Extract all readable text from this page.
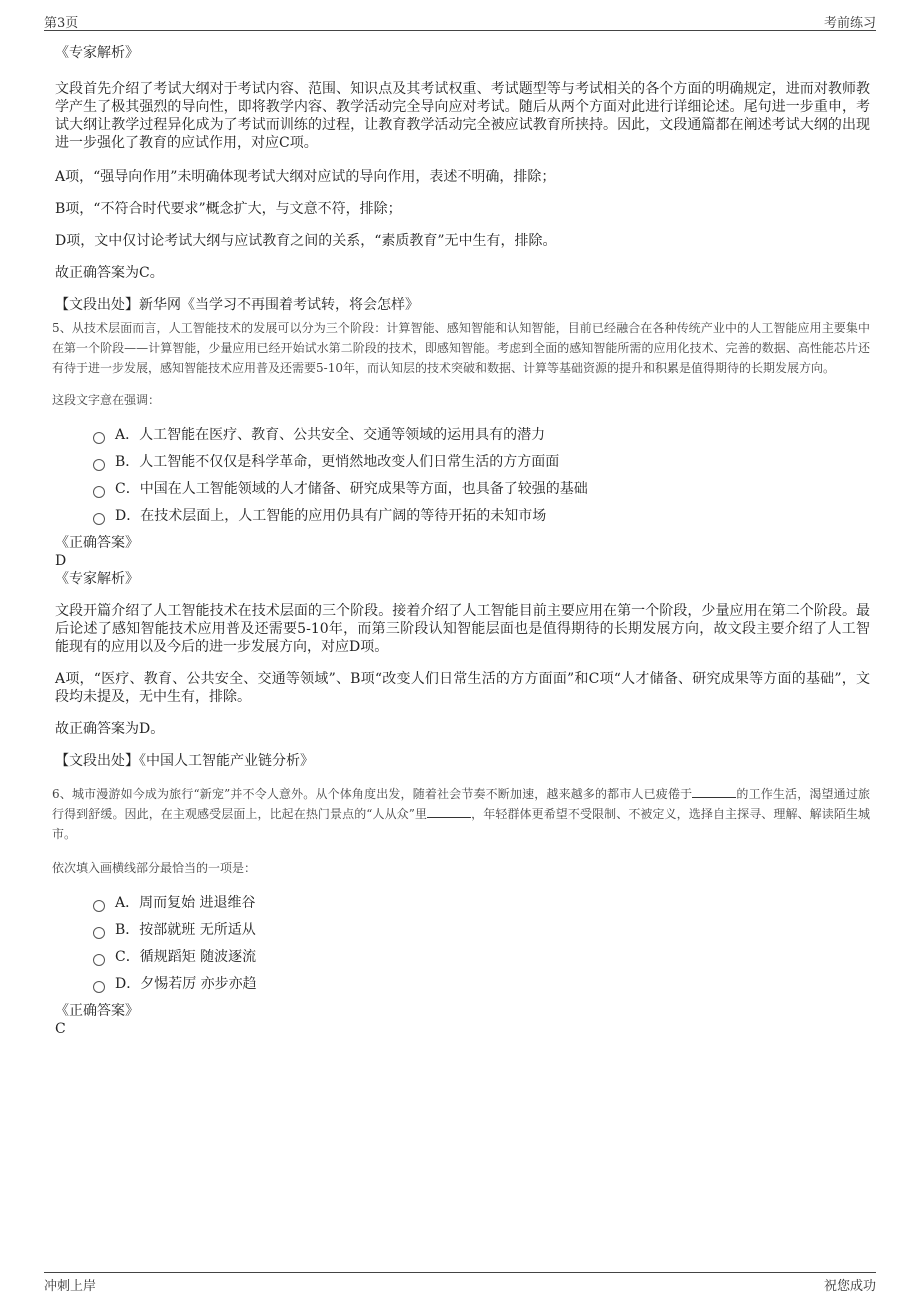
第3页	考前练习

《专家解析》

文段首先介绍了考试大纲对于考试内容、范围、知识点及其考试权重、考试题型等与考试相关的各个方面的明确规定，进而对教师教学产生了极其强烈的导向性，即将教学内容、教学活动完全导向应对考试。随后从两个方面对此进行详细论述。尾句进一步重申，考试大纲让教学过程异化成为了考试而训练的过程，让教育教学活动完全被应试教育所挟持。因此，文段通篇都在阐述考试大纲的出现进一步强化了教育的应试作用，对应C项。

A项，“强导向作用”未明确体现考试大纲对应试的导向作用，表述不明确，排除；

B项，“不符合时代要求”概念扩大，与文意不符，排除；

D项，文中仅讨论考试大纲与应试教育之间的关系，“素质教育”无中生有，排除。

故正确答案为C。

【文段出处】新华网《当学习不再围着考试转，将会怎样》

5、从技术层面而言，人工智能技术的发展可以分为三个阶段：计算智能、感知智能和认知智能，目前已经融合在各种传统产业中的人工智能应用主要集中在第一个阶段——计算智能，少量应用已经开始试水第二阶段的技术，即感知智能。考虑到全面的感知智能所需的应用化技术、完善的数据、高性能芯片还有待于进一步发展，感知智能技术应用普及还需要5-10年，而认知层的技术突破和数据、计算等基础资源的提升和积累是值得期待的长期发展方向。

这段文字意在强调：

A．人工智能在医疗、教育、公共安全、交通等领域的运用具有的潜力
B．人工智能不仅仅是科学革命，更悄然地改变人们日常生活的方方面面
C．中国在人工智能领域的人才储备、研究成果等方面，也具备了较强的基础
D．在技术层面上，人工智能的应用仍具有广阔的等待开拓的未知市场

《正确答案》

D

《专家解析》

文段开篇介绍了人工智能技术在技术层面的三个阶段。接着介绍了人工智能目前主要应用在第一个阶段，少量应用在第二个阶段。最后论述了感知智能技术应用普及还需要5-10年，而第三阶段认知智能层面也是值得期待的长期发展方向，故文段主要介绍了人工智能现有的应用以及今后的进一步发展方向，对应D项。

A项，“医疗、教育、公共安全、交通等领域”、B项“改变人们日常生活的方方面面”和C项“人才储备、研究成果等方面的基础”，文段均未提及，无中生有，排除。

故正确答案为D。

【文段出处】《中国人工智能产业链分析》

6、城市漫游如今成为旅行“新宠”并不令人意外。从个体角度出发，随着社会节奏不断加速，越来越多的都市人已疲倦于	的工作生活，渴望通过旅行得到舒缓。因此，在主观感受层面上，比起在热门景点的“人从众”里	，年轻群体更希望不受限制、不被定义，选择自主探寻、理解、解读陌生城市。

依次填入画横线部分最恰当的一项是：

A．周而复始 进退维谷
B．按部就班 无所适从
C．循规蹈矩 随波逐流
D．夕惕若厉 亦步亦趋

《正确答案》

C

冲刺上岸	祝您成功
